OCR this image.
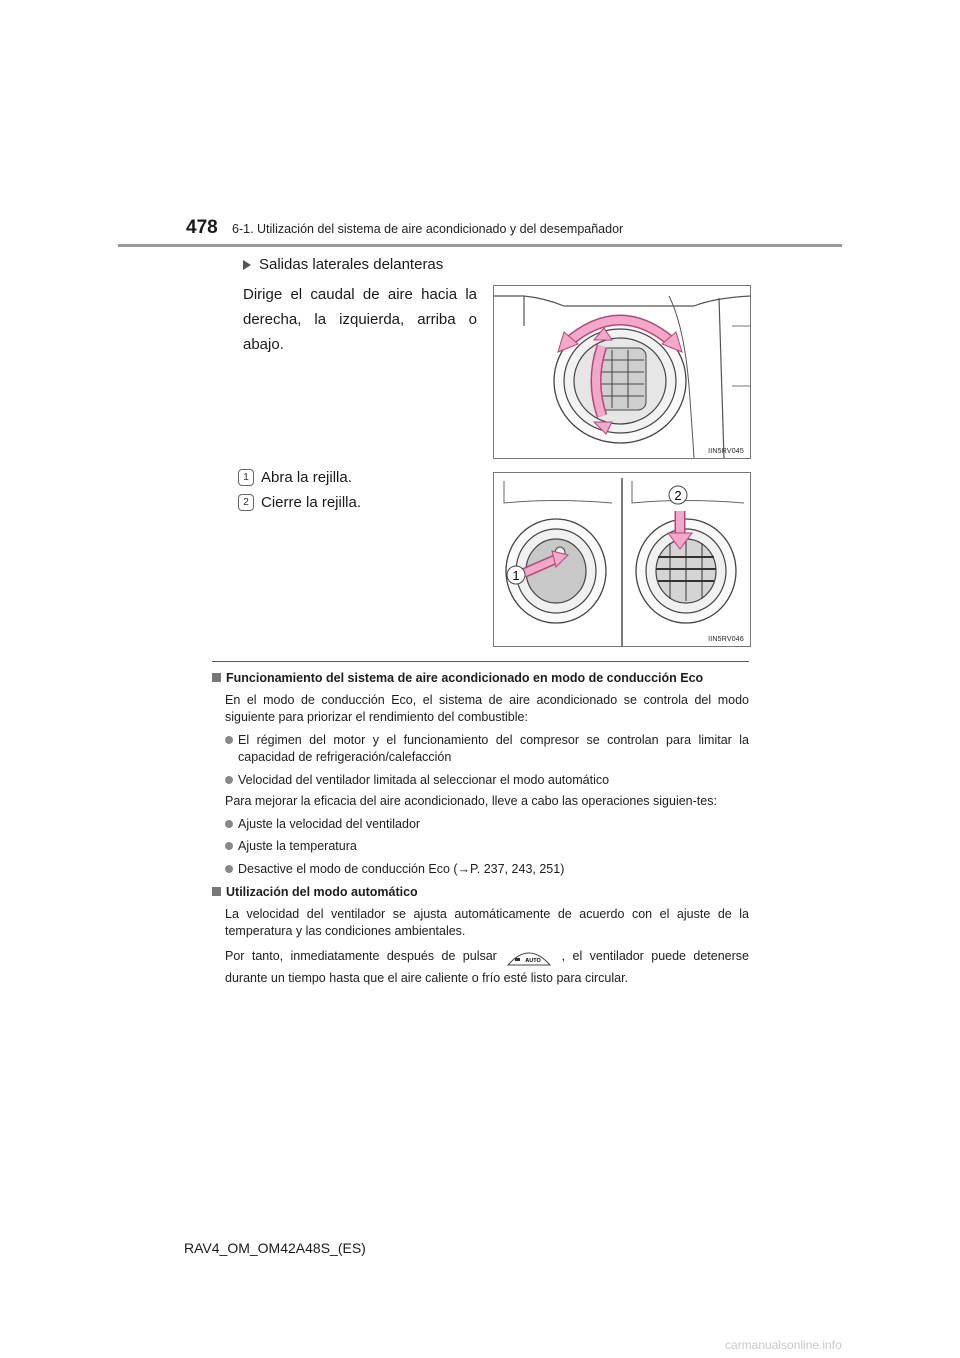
478 6-1. Utilización del sistema de aire acondicionado y del desempañador
Salidas laterales delanteras
Dirige el caudal de aire hacia la derecha, la izquierda, arriba o abajo.
IIN5RV045
1 Abra la rejilla.
2 Cierre la rejilla.
1
2
IIN5RV046
Funcionamiento del sistema de aire acondicionado en modo de conducción Eco
En el modo de conducción Eco, el sistema de aire acondicionado se controla del modo siguiente para priorizar el rendimiento del combustible:
El régimen del motor y el funcionamiento del compresor se controlan para limitar la capacidad de refrigeración/calefacción
Velocidad del ventilador limitada al seleccionar el modo automático
Para mejorar la eficacia del aire acondicionado, lleve a cabo las operaciones siguien-tes:
Ajuste la velocidad del ventilador
Ajuste la temperatura
Desactive el modo de conducción Eco (→P. 237, 243, 251)
Utilización del modo automático
La velocidad del ventilador se ajusta automáticamente de acuerdo con el ajuste de la temperatura y las condiciones ambientales.
Por tanto, inmediatamente después de pulsar	AUTO , el ventilador puede detenerse durante un tiempo hasta que el aire caliente o frío esté listo para circular.
RAV4_OM_OM42A48S_(ES)
carmanualsonline.info
